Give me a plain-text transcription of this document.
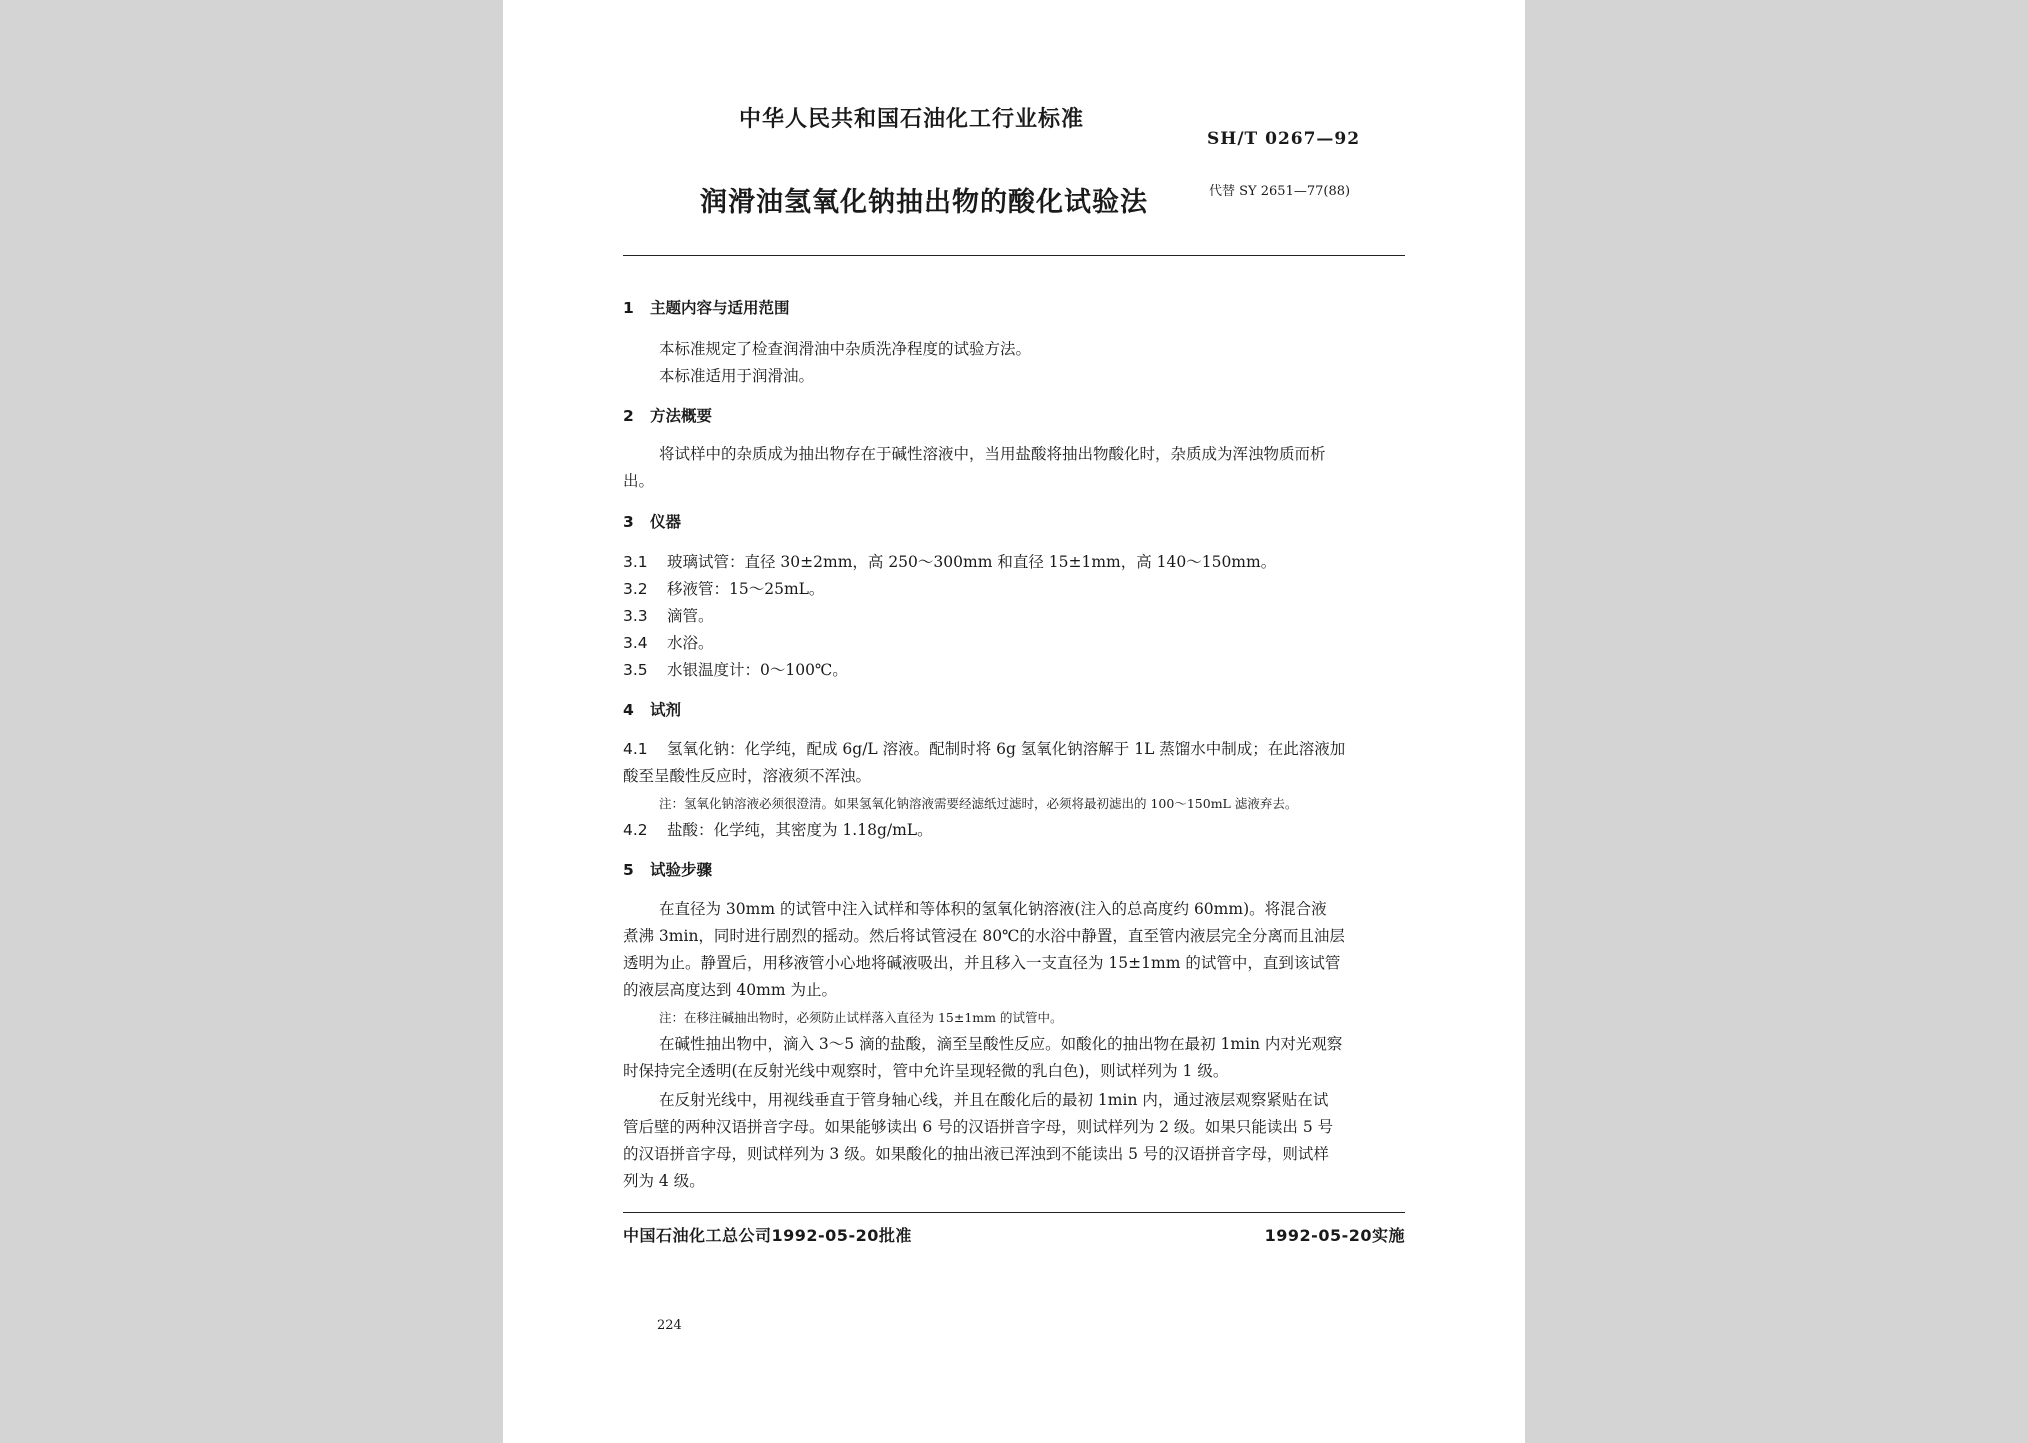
中华人民共和国石油化工行业标准
SH/T 0267—92
润滑油氢氧化钠抽出物的酸化试验法	代替 SY 2651—77(88)
1 主题内容与适用范围
本标准规定了检查润滑油中杂质洗净程度的试验方法。
本标准适用于润滑油。
2 方法概要
将试样中的杂质成为抽出物存在于碱性溶液中，当用盐酸将抽出物酸化时，杂质成为浑浊物质而析
出。
3 仪器
3.1 玻璃试管：直径 30±2mm，高 250～300mm 和直径 15±1mm，高 140～150mm。
3.2 移液管：15～25mL。
3.3 滴管。
3.4 水浴。
3.5 水银温度计：0～100℃。
4 试剂
4.1 氢氧化钠：化学纯，配成 6g/L 溶液。配制时将 6g 氢氧化钠溶解于 1L 蒸馏水中制成；在此溶液加
酸至呈酸性反应时，溶液须不浑浊。
注：氢氧化钠溶液必须很澄清。如果氢氧化钠溶液需要经滤纸过滤时，必须将最初滤出的 100～150mL 滤液弃去。
4.2 盐酸：化学纯，其密度为 1.18g/mL。
5 试验步骤
在直径为 30mm 的试管中注入试样和等体积的氢氧化钠溶液(注入的总高度约 60mm)。将混合液
煮沸 3min，同时进行剧烈的摇动。然后将试管浸在 80℃的水浴中静置，直至管内液层完全分离而且油层
透明为止。静置后，用移液管小心地将碱液吸出，并且移入一支直径为 15±1mm 的试管中，直到该试管
的液层高度达到 40mm 为止。
注：在移注碱抽出物时，必须防止试样落入直径为 15±1mm 的试管中。
在碱性抽出物中，滴入 3～5 滴的盐酸，滴至呈酸性反应。如酸化的抽出物在最初 1min 内对光观察
时保持完全透明(在反射光线中观察时，管中允许呈现轻微的乳白色)，则试样列为 1 级。
在反射光线中，用视线垂直于管身轴心线，并且在酸化后的最初 1min 内，通过液层观察紧贴在试
管后壁的两种汉语拼音字母。如果能够读出 6 号的汉语拼音字母，则试样列为 2 级。如果只能读出 5 号
的汉语拼音字母，则试样列为 3 级。如果酸化的抽出液已浑浊到不能读出 5 号的汉语拼音字母，则试样
列为 4 级。
中国石油化工总公司1992-05-20批准	1992-05-20实施
224
